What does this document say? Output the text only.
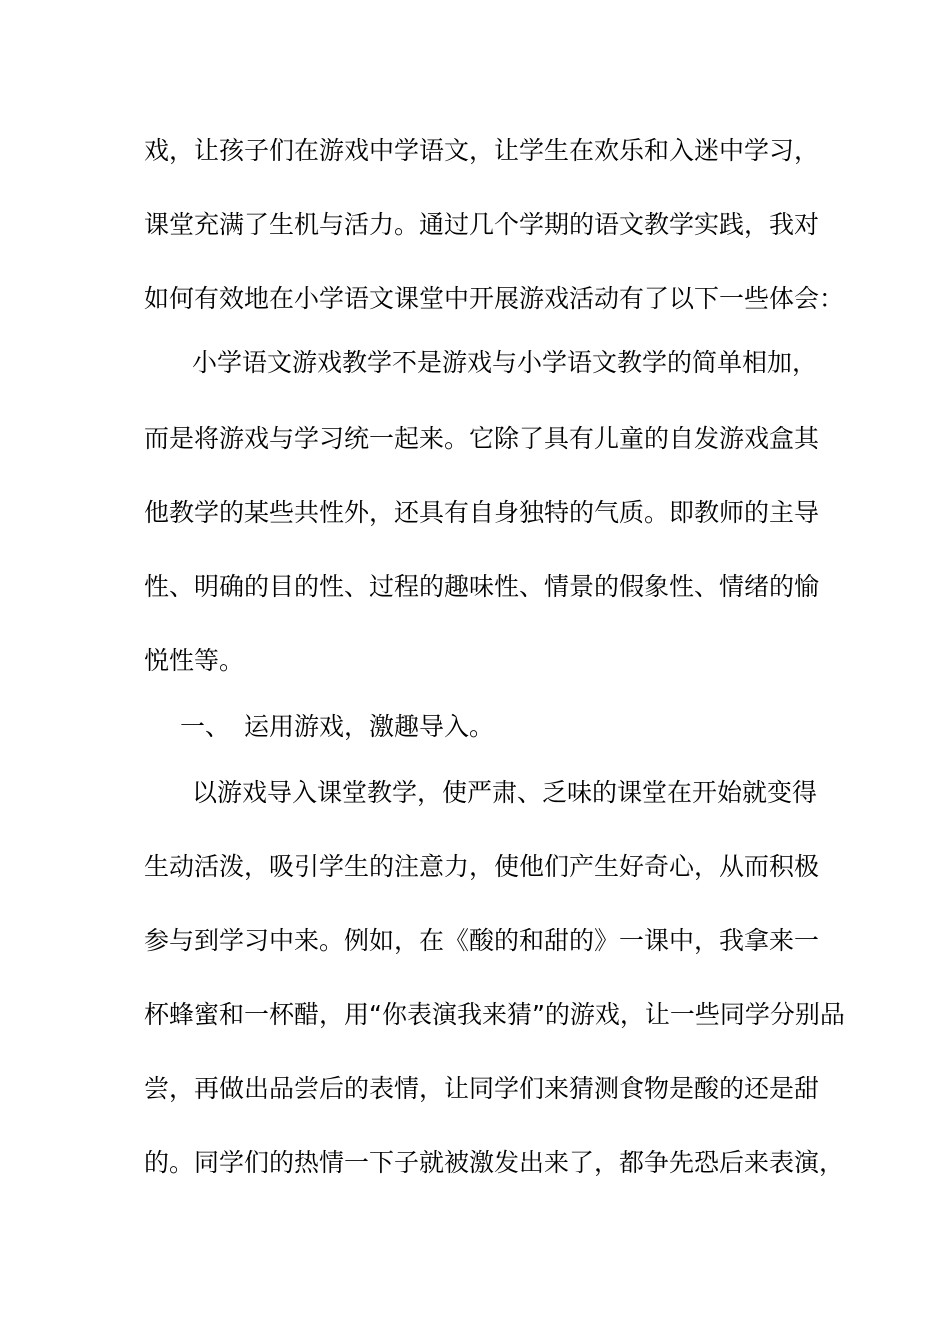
戏，让孩子们在游戏中学语文，让学生在欢乐和入迷中学习，
课堂充满了生机与活力。通过几个学期的语文教学实践，我对
如何有效地在小学语文课堂中开展游戏活动有了以下一些体会：
小学语文游戏教学不是游戏与小学语文教学的简单相加，
而是将游戏与学习统一起来。它除了具有儿童的自发游戏盒其
他教学的某些共性外，还具有自身独特的气质。即教师的主导
性、明确的目的性、过程的趣味性、情景的假象性、情绪的愉
悦性等。
一、 运用游戏，激趣导入。
以游戏导入课堂教学，使严肃、乏味的课堂在开始就变得
生动活泼，吸引学生的注意力，使他们产生好奇心，从而积极
参与到学习中来。例如，在《酸的和甜的》一课中，我拿来一
杯蜂蜜和一杯醋，用“你表演我来猜”的游戏，让一些同学分别品
尝，再做出品尝后的表情，让同学们来猜测食物是酸的还是甜
的。同学们的热情一下子就被激发出来了，都争先恐后来表演，
